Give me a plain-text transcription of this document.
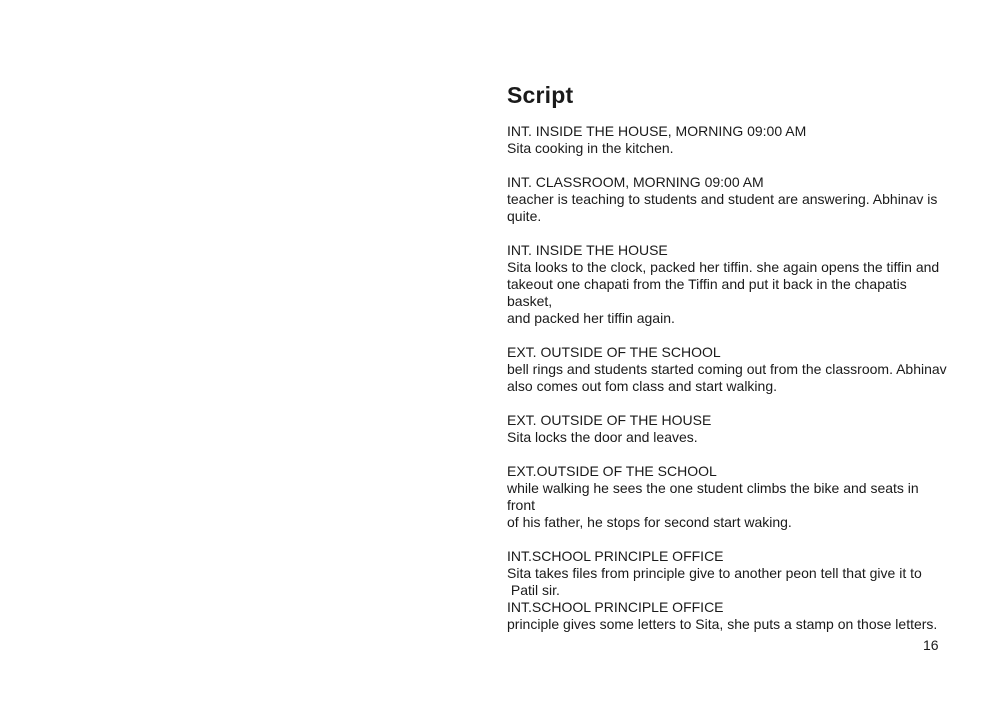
Script
INT. INSIDE THE HOUSE, MORNING 09:00 AM
Sita cooking in the kitchen.
INT. CLASSROOM, MORNING 09:00 AM
teacher is teaching to students and student are answering. Abhinav is
quite.
INT. INSIDE THE HOUSE
Sita looks to the clock, packed her tiffin. she again opens the tiffin and
takeout one chapati from the Tiffin and put it back in the chapatis basket,
and packed her tiffin again.
EXT. OUTSIDE OF THE SCHOOL
bell rings and students started coming out from the classroom. Abhinav
also comes out fom class and start walking.
EXT. OUTSIDE OF THE HOUSE
Sita locks the door and leaves.
EXT.OUTSIDE OF THE SCHOOL
while walking he sees the one student climbs the bike and seats in front
of his father, he stops for second start waking.
INT.SCHOOL PRINCIPLE OFFICE
Sita takes files from principle give to another peon tell that give it to
Patil sir.
INT.SCHOOL PRINCIPLE OFFICE
principle gives some letters to Sita, she puts a stamp on those letters.
16
